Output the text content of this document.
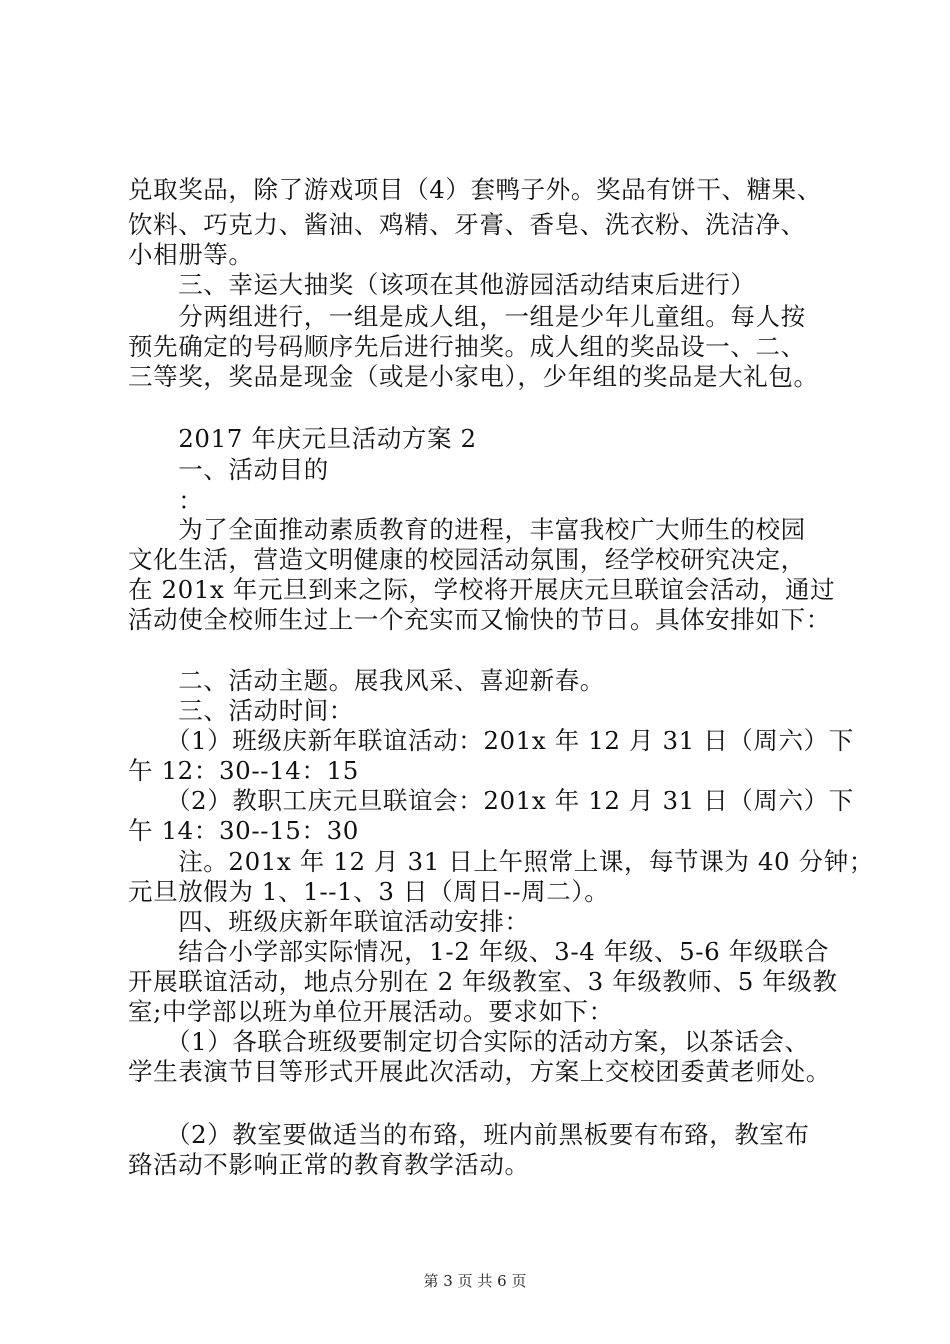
兑取奖品，除了游戏项目（4）套鸭子外。奖品有饼干、糖果、
饮料、巧克力、酱油、鸡精、牙膏、香皂、洗衣粉、洗洁净、
小相册等。
　　三、幸运大抽奖（该项在其他游园活动结束后进行）
　　分两组进行，一组是成人组，一组是少年儿童组。每人按
预先确定的号码顺序先后进行抽奖。成人组的奖品设一、二、
三等奖，奖品是现金（或是小家电），少年组的奖品是大礼包。
　　2017 年庆元旦活动方案 2
　　一、活动目的
　　：
　　为了全面推动素质教育的进程，丰富我校广大师生的校园
文化生活，营造文明健康的校园活动氛围，经学校研究决定，
在 201x 年元旦到来之际，学校将开展庆元旦联谊会活动，通过
活动使全校师生过上一个充实而又愉快的节日。具体安排如下：
　　二、活动主题。展我风采、喜迎新春。
　　三、活动时间：
　　（1）班级庆新年联谊活动：201x 年 12 月 31 日（周六）下
午 12：30--14：15
　　（2）教职工庆元旦联谊会：201x 年 12 月 31 日（周六）下
午 14：30--15：30
　　注。201x 年 12 月 31 日上午照常上课，每节课为 40 分钟；
元旦放假为 1、1--1、3 日（周日--周二）。
　　四、班级庆新年联谊活动安排：
　　结合小学部实际情况，1-2 年级、3-4 年级、5-6 年级联合
开展联谊活动，地点分别在 2 年级教室、3 年级教师、5 年级教
室;中学部以班为单位开展活动。要求如下：
　　（1）各联合班级要制定切合实际的活动方案，以茶话会、
学生表演节目等形式开展此次活动，方案上交校团委黄老师处。
　　（2）教室要做适当的布臵，班内前黑板要有布臵，教室布
臵活动不影响正常的教育教学活动。
第 3 页 共 6 页
